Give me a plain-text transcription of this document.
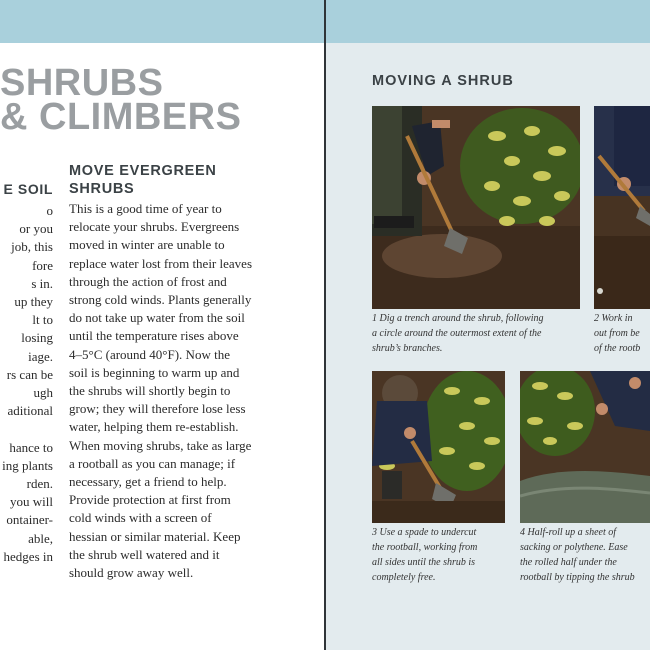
SHRUBS
& CLIMBERS
E SOIL
o
or you
job, this
fore
s in.
up they
lt to
losing
iage.
rs can be
ugh
aditional

hance to
ing plants
rden.
you will
ontainer-
able,
hedges in
MOVE EVERGREEN
SHRUBS
This is a good time of year to
relocate your shrubs. Evergreens
moved in winter are unable to
replace water lost from their leaves
through the action of frost and
strong cold winds. Plants generally
do not take up water from the soil
until the temperature rises above
4–5°C (around 40°F). Now the
soil is beginning to warm up and
the shrubs will shortly begin to
grow; they will therefore lose less
water, helping them re-establish.
When moving shrubs, take as large
a rootball as you can manage; if
necessary, get a friend to help.
Provide protection at first from
cold winds with a screen of
hessian or similar material. Keep
the shrub well watered and it
should grow away well.
MOVING A SHRUB
1 Dig a trench around the shrub, following
a circle around the outermost extent of the
shrub’s branches.
2 Work in
out from be
of the rootb
3 Use a spade to undercut
the rootball, working from
all sides until the shrub is
completely free.
4 Half-roll up a sheet of
sacking or polythene. Ease
the rolled half under the
rootball by tipping the shrub
